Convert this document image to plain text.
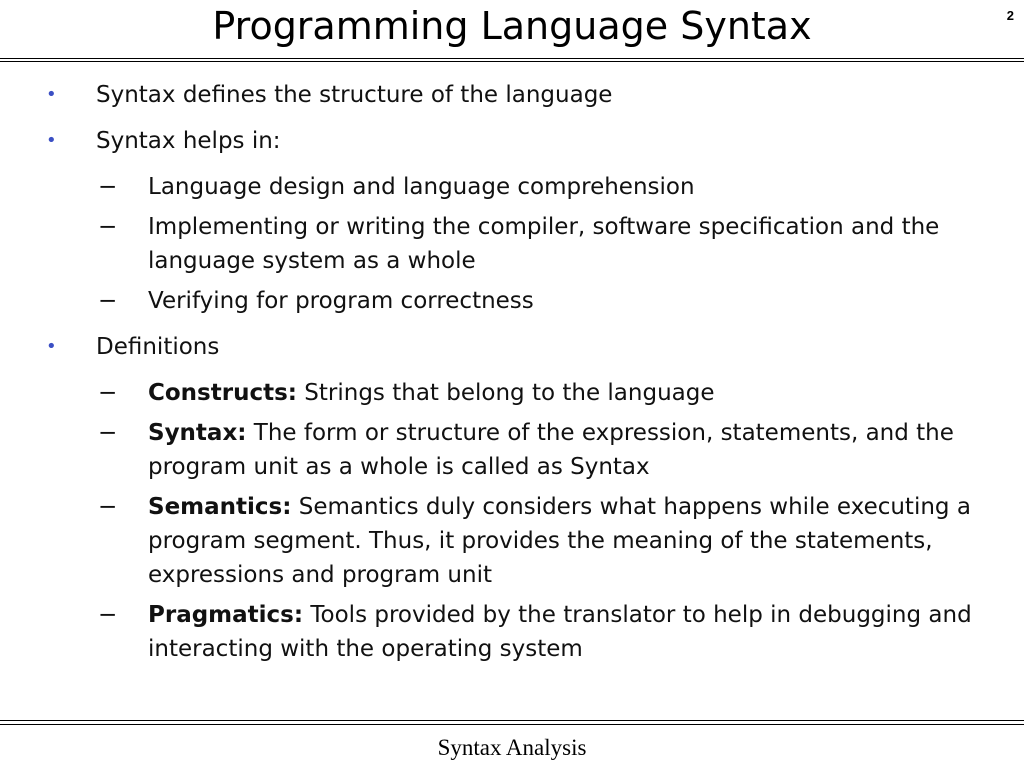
Programming Language Syntax	2
• Syntax defines the structure of the language
• Syntax helps in:
− Language design and language comprehension
− Implementing or writing the compiler, software specification and the language system as a whole
− Verifying for program correctness
• Definitions
− Constructs: Strings that belong to the language
− Syntax: The form or structure of the expression, statements, and the program unit as a whole is called as Syntax
− Semantics: Semantics duly considers what happens while executing a program segment. Thus, it provides the meaning of the statements, expressions and program unit
− Pragmatics: Tools provided by the translator to help in debugging and interacting with the operating system
Syntax Analysis
